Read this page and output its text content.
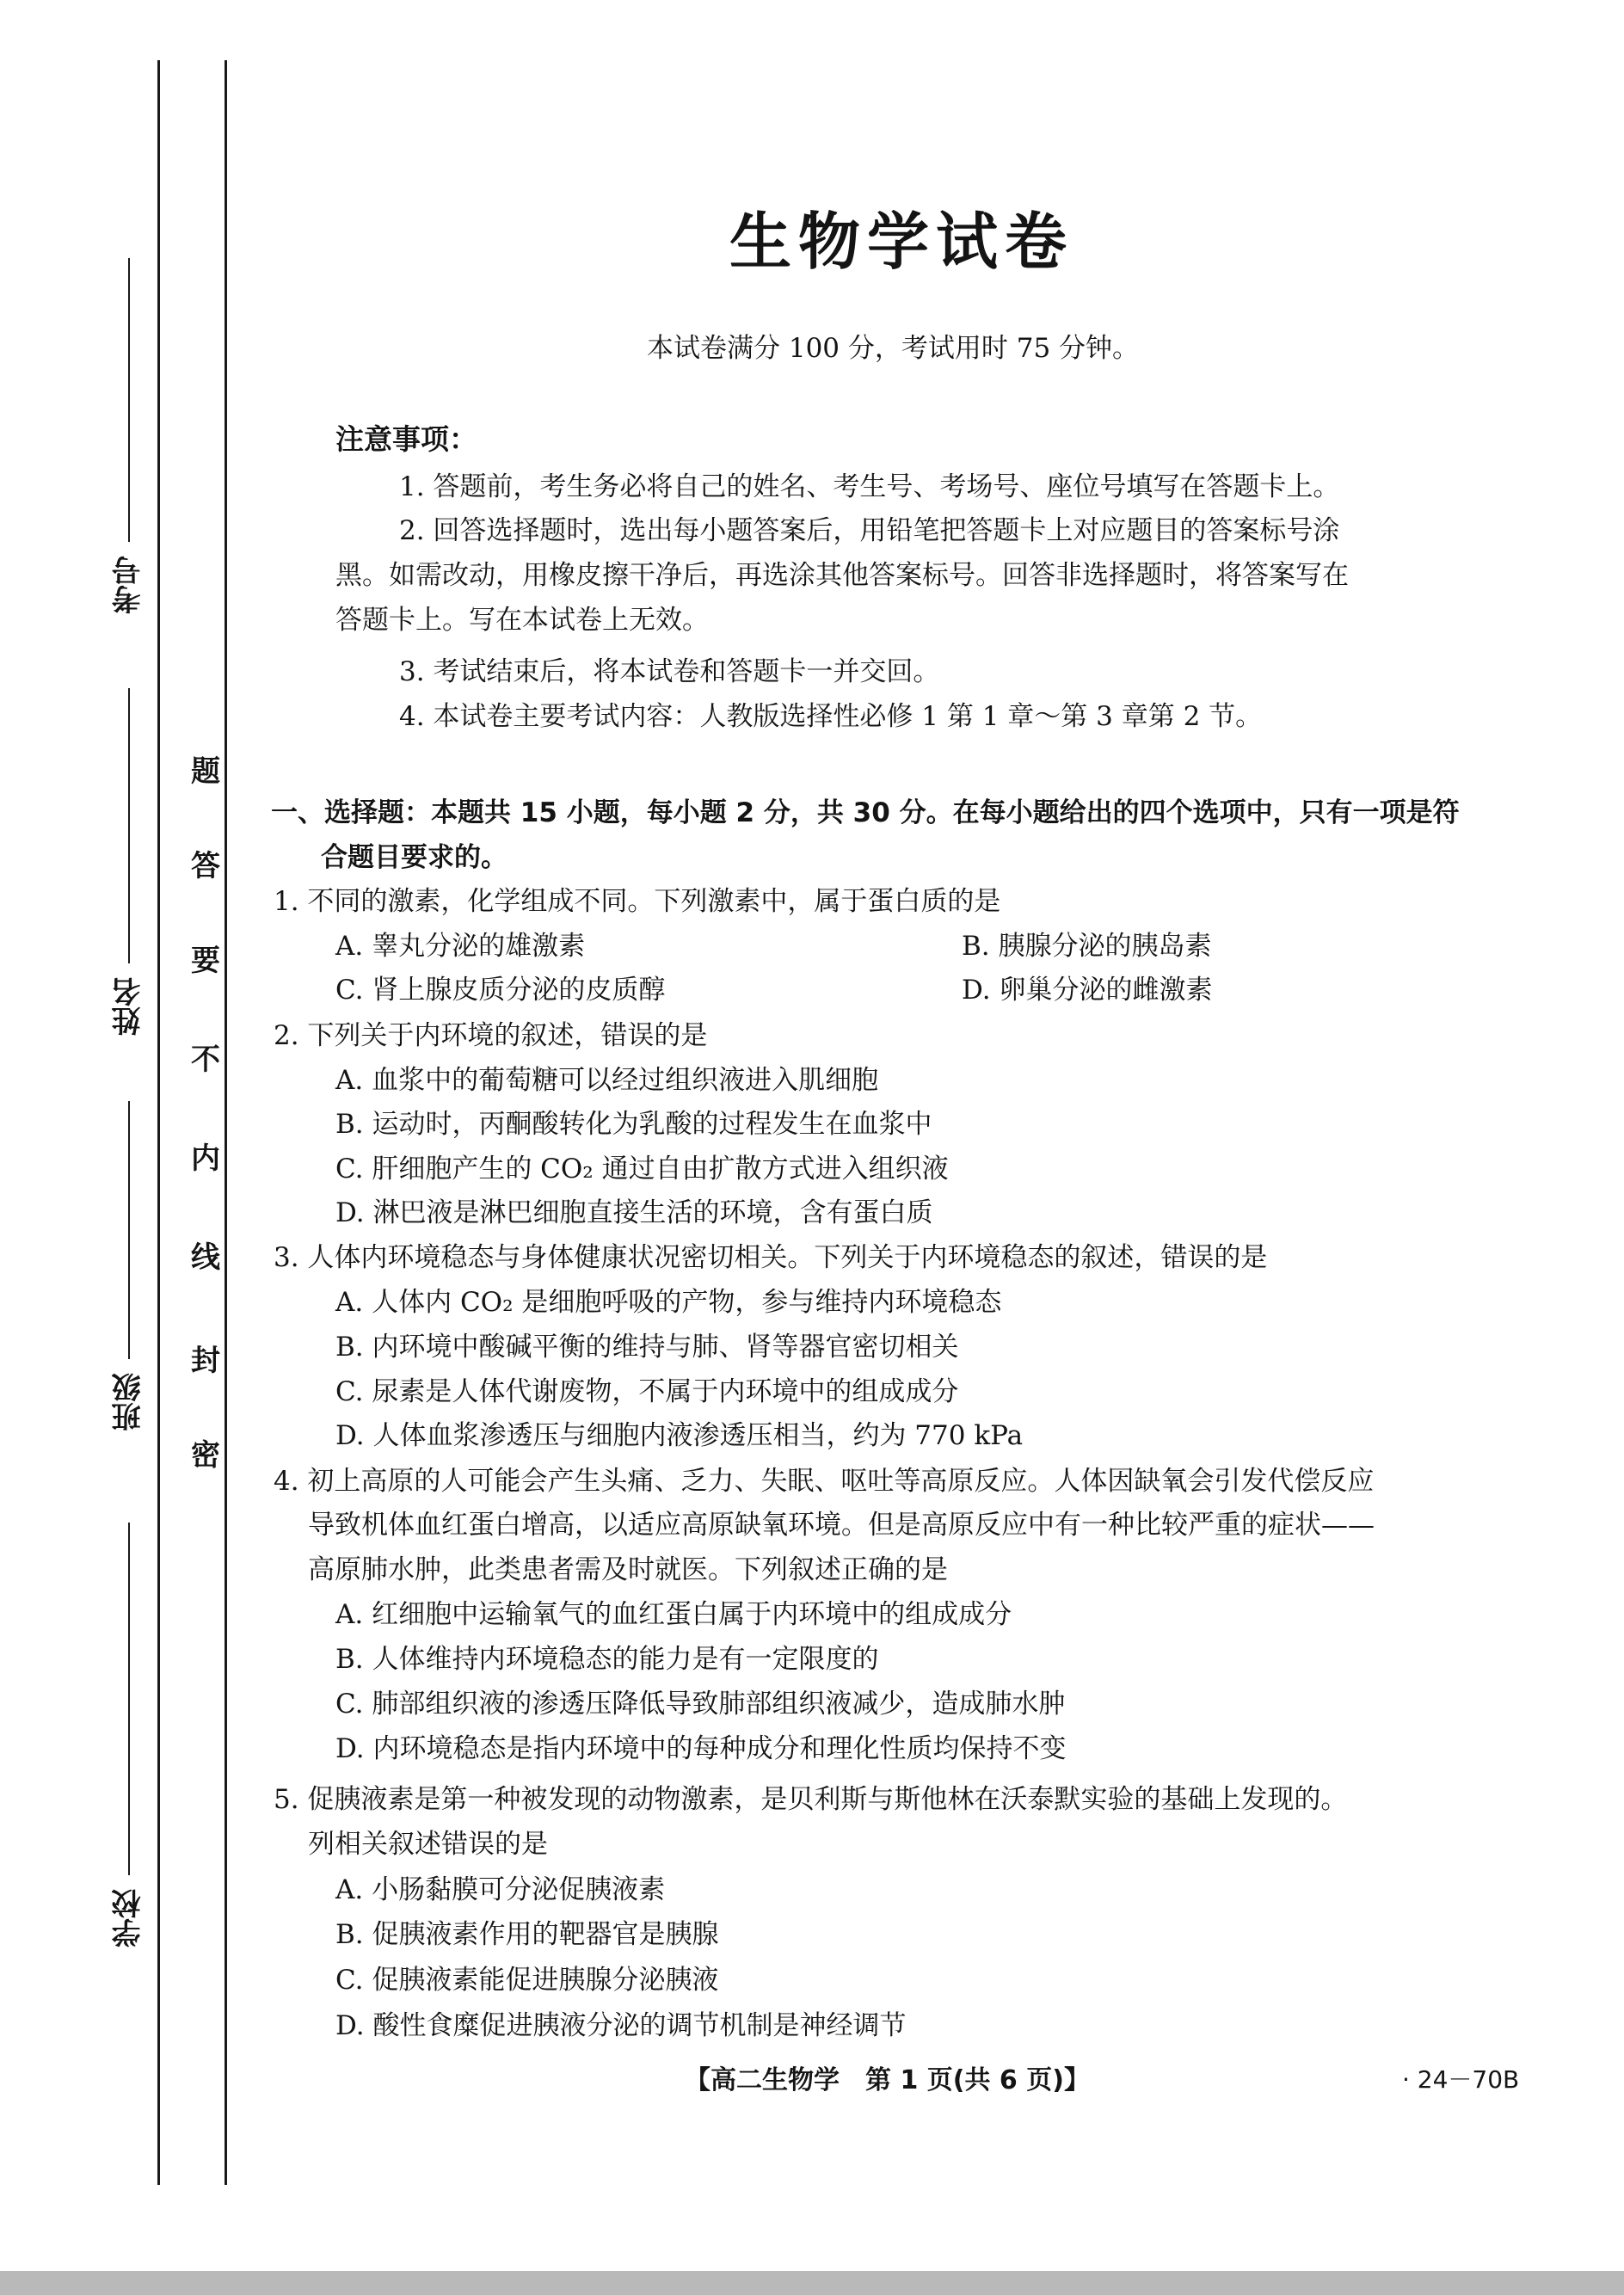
考号
姓名
班级
学校
题
答
要
不
内
线
封
密
生物学试卷
本试卷满分 100 分，考试用时 75 分钟。
注意事项：
1. 答题前，考生务必将自己的姓名、考生号、考场号、座位号填写在答题卡上。
2. 回答选择题时，选出每小题答案后，用铅笔把答题卡上对应题目的答案标号涂
黑。如需改动，用橡皮擦干净后，再选涂其他答案标号。回答非选择题时，将答案写在
答题卡上。写在本试卷上无效。
3. 考试结束后，将本试卷和答题卡一并交回。
4. 本试卷主要考试内容：人教版选择性必修 1 第 1 章～第 3 章第 2 节。
一、选择题：本题共 15 小题，每小题 2 分，共 30 分。在每小题给出的四个选项中，只有一项是符
合题目要求的。
1. 不同的激素，化学组成不同。下列激素中，属于蛋白质的是
A. 睾丸分泌的雄激素	B. 胰腺分泌的胰岛素
C. 肾上腺皮质分泌的皮质醇	D. 卵巢分泌的雌激素
2. 下列关于内环境的叙述，错误的是
A. 血浆中的葡萄糖可以经过组织液进入肌细胞
B. 运动时，丙酮酸转化为乳酸的过程发生在血浆中
C. 肝细胞产生的 CO₂ 通过自由扩散方式进入组织液
D. 淋巴液是淋巴细胞直接生活的环境，含有蛋白质
3. 人体内环境稳态与身体健康状况密切相关。下列关于内环境稳态的叙述，错误的是
A. 人体内 CO₂ 是细胞呼吸的产物，参与维持内环境稳态
B. 内环境中酸碱平衡的维持与肺、肾等器官密切相关
C. 尿素是人体代谢废物，不属于内环境中的组成成分
D. 人体血浆渗透压与细胞内液渗透压相当，约为 770 kPa
4. 初上高原的人可能会产生头痛、乏力、失眠、呕吐等高原反应。人体因缺氧会引发代偿反应
导致机体血红蛋白增高，以适应高原缺氧环境。但是高原反应中有一种比较严重的症状——
高原肺水肿，此类患者需及时就医。下列叙述正确的是
A. 红细胞中运输氧气的血红蛋白属于内环境中的组成成分
B. 人体维持内环境稳态的能力是有一定限度的
C. 肺部组织液的渗透压降低导致肺部组织液减少，造成肺水肿
D. 内环境稳态是指内环境中的每种成分和理化性质均保持不变
5. 促胰液素是第一种被发现的动物激素，是贝利斯与斯他林在沃泰默实验的基础上发现的。
列相关叙述错误的是
A. 小肠黏膜可分泌促胰液素
B. 促胰液素作用的靶器官是胰腺
C. 促胰液素能促进胰腺分泌胰液
D. 酸性食糜促进胰液分泌的调节机制是神经调节
【高二生物学　第 1 页(共 6 页)】	· 24－70B
